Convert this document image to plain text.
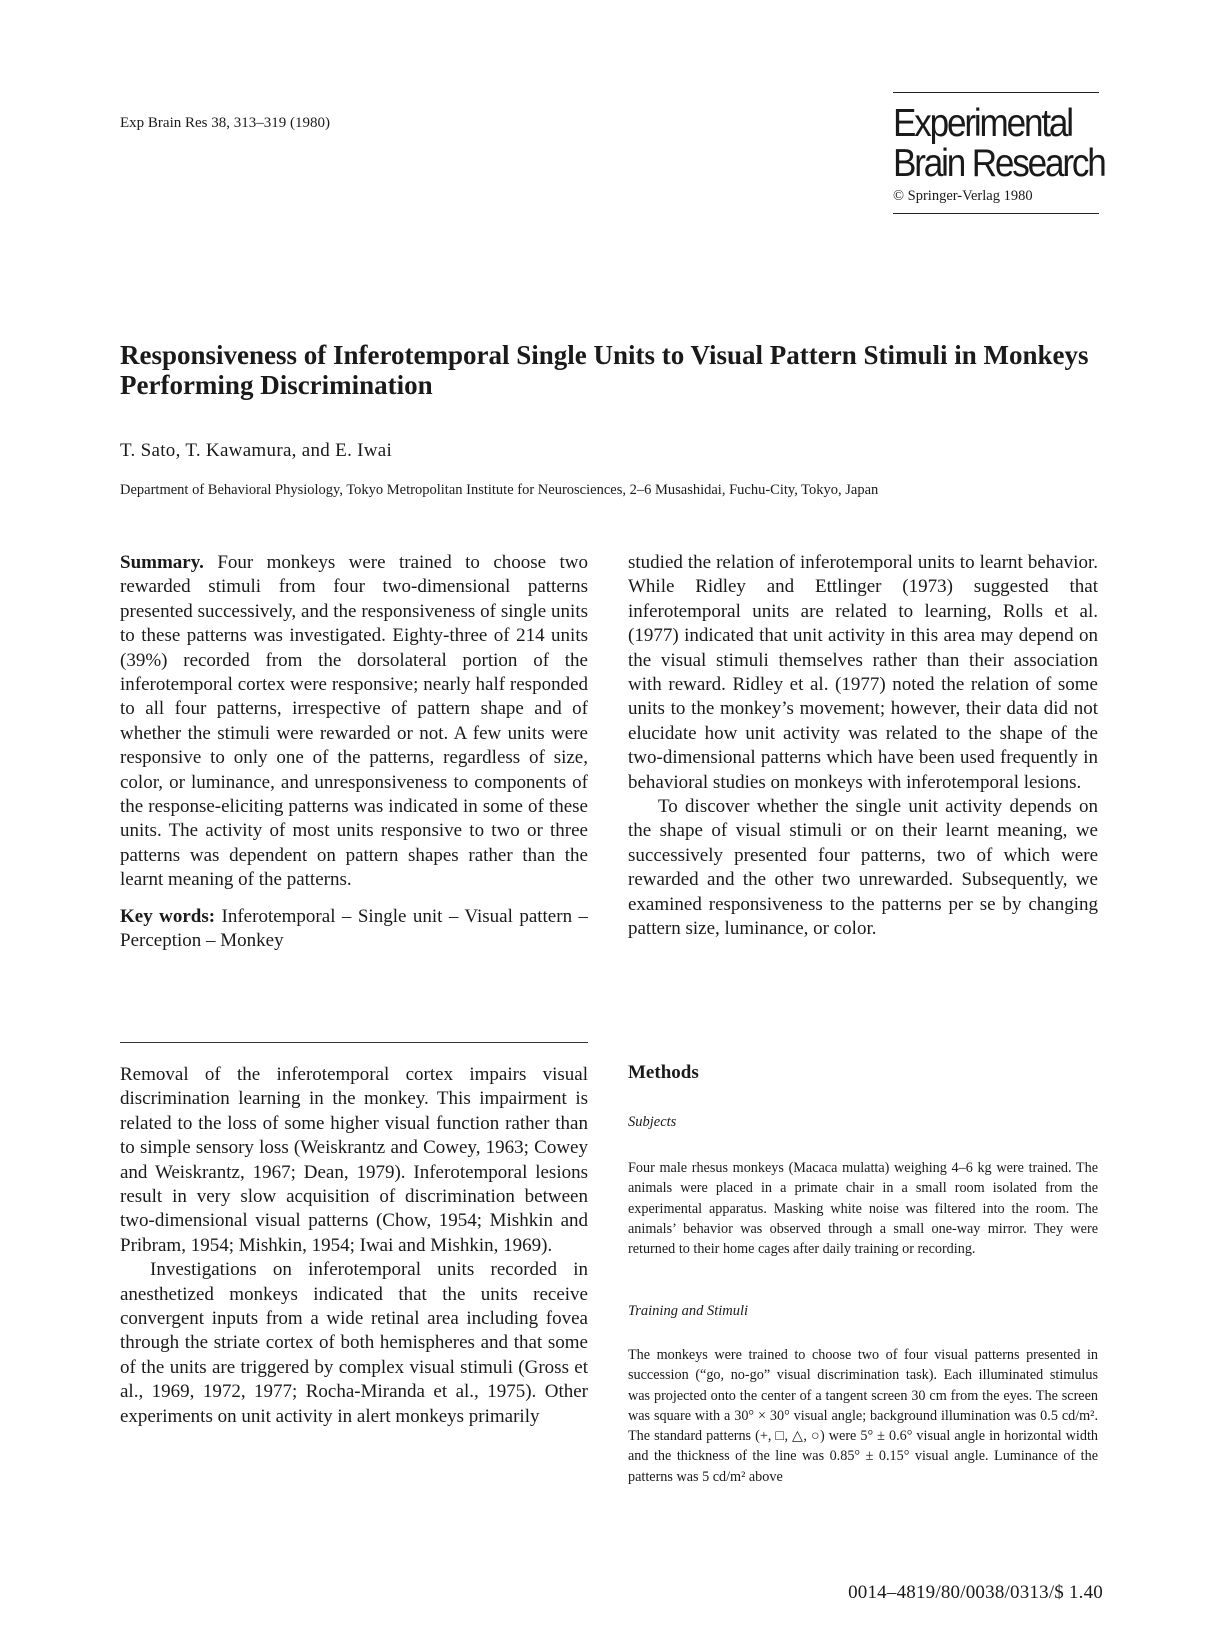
Exp Brain Res 38, 313–319 (1980)	Experimental
Brain Research
© Springer-Verlag 1980
Responsiveness of Inferotemporal Single Units to Visual Pattern Stimuli in Monkeys Performing Discrimination
T. Sato, T. Kawamura, and E. Iwai
Department of Behavioral Physiology, Tokyo Metropolitan Institute for Neurosciences, 2–6 Musashidai, Fuchu-City, Tokyo, Japan

Summary. Four monkeys were trained to choose two rewarded stimuli from four two-dimensional patterns presented successively, and the responsiveness of single units to these patterns was investigated. Eighty-three of 214 units (39%) recorded from the dorsolateral portion of the inferotemporal cortex were responsive; nearly half responded to all four patterns, irrespective of pattern shape and of whether the stimuli were rewarded or not. A few units were responsive to only one of the patterns, regardless of size, color, or luminance, and unresponsiveness to components of the response-eliciting patterns was indicated in some of these units. The activity of most units responsive to two or three patterns was dependent on pattern shapes rather than the learnt meaning of the patterns.

Key words: Inferotemporal – Single unit – Visual pattern – Perception – Monkey

Removal of the inferotemporal cortex impairs visual discrimination learning in the monkey. This impairment is related to the loss of some higher visual function rather than to simple sensory loss (Weiskrantz and Cowey, 1963; Cowey and Weiskrantz, 1967; Dean, 1979). Inferotemporal lesions result in very slow acquisition of discrimination between two-dimensional visual patterns (Chow, 1954; Mishkin and Pribram, 1954; Mishkin, 1954; Iwai and Mishkin, 1969).

Investigations on inferotemporal units recorded in anesthetized monkeys indicated that the units receive convergent inputs from a wide retinal area including fovea through the striate cortex of both hemispheres and that some of the units are triggered by complex visual stimuli (Gross et al., 1969, 1972, 1977; Rocha-Miranda et al., 1975). Other experiments on unit activity in alert monkeys primarily

studied the relation of inferotemporal units to learnt behavior. While Ridley and Ettlinger (1973) suggested that inferotemporal units are related to learning, Rolls et al. (1977) indicated that unit activity in this area may depend on the visual stimuli themselves rather than their association with reward. Ridley et al. (1977) noted the relation of some units to the monkey’s movement; however, their data did not elucidate how unit activity was related to the shape of the two-dimensional patterns which have been used frequently in behavioral studies on monkeys with inferotemporal lesions.

To discover whether the single unit activity depends on the shape of visual stimuli or on their learnt meaning, we successively presented four patterns, two of which were rewarded and the other two unrewarded. Subsequently, we examined responsiveness to the patterns per se by changing pattern size, luminance, or color.

Methods
Subjects

Four male rhesus monkeys (Macaca mulatta) weighing 4–6 kg were trained. The animals were placed in a primate chair in a small room isolated from the experimental apparatus. Masking white noise was filtered into the room. The animals’ behavior was observed through a small one-way mirror. They were returned to their home cages after daily training or recording.

Training and Stimuli

The monkeys were trained to choose two of four visual patterns presented in succession (“go, no-go” visual discrimination task). Each illuminated stimulus was projected onto the center of a tangent screen 30 cm from the eyes. The screen was square with a 30° × 30° visual angle; background illumination was 0.5 cd/m². The standard patterns (+, □, △, ○) were 5° ± 0.6° visual angle in horizontal width and the thickness of the line was 0.85° ± 0.15° visual angle. Luminance of the patterns was 5 cd/m² above

0014–4819/80/0038/0313/$ 1.40
